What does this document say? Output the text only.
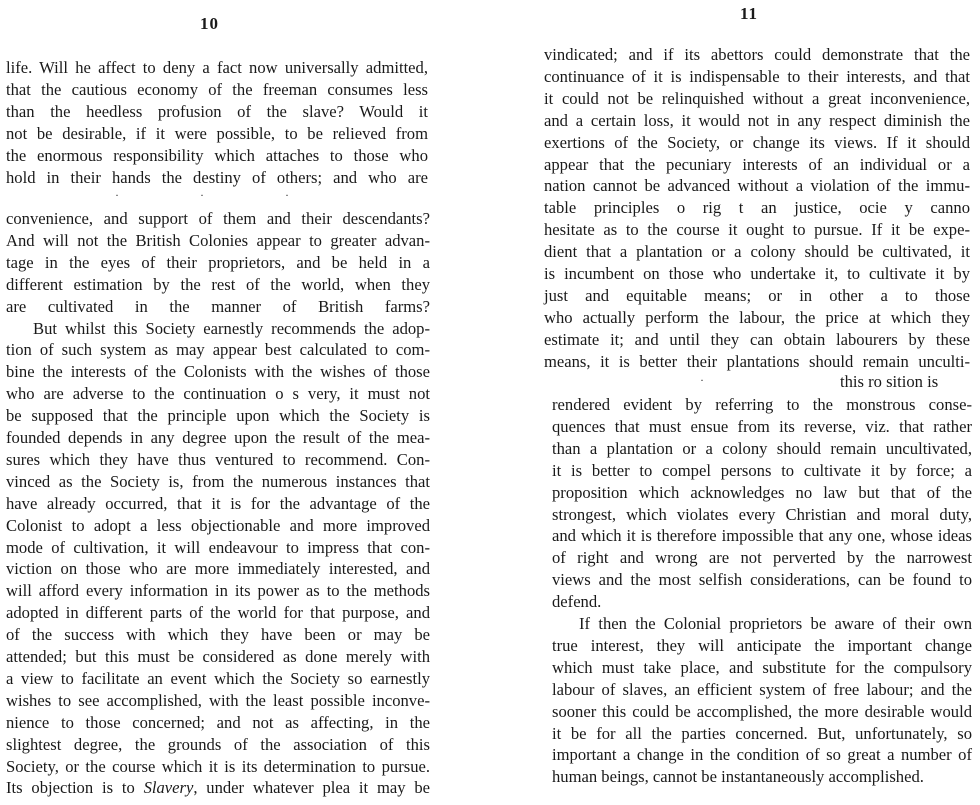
10
life. Will he affect to deny a fact now universally admitted,
that the cautious economy of the freeman consumes less
than the heedless profusion of the slave? Would it
not be desirable, if it were possible, to be relieved from
the enormous responsibility which attaches to those who
hold in their hands the destiny of others; and who are
convenience, and support of them and their descendants?
And will not the British Colonies appear to greater advan-
tage in the eyes of their proprietors, and be held in a
different estimation by the rest of the world, when they
are cultivated in the manner of British farms?
But whilst this Society earnestly recommends the adop-
tion of such system as may appear best calculated to com-
bine the interests of the Colonists with the wishes of those
who are adverse to the continuation o s very, it must not
be supposed that the principle upon which the Society is
founded depends in any degree upon the result of the mea-
sures which they have thus ventured to recommend. Con-
vinced as the Society is, from the numerous instances that
have already occurred, that it is for the advantage of the
Colonist to adopt a less objectionable and more improved
mode of cultivation, it will endeavour to impress that con-
viction on those who are more immediately interested, and
will afford every information in its power as to the methods
adopted in different parts of the world for that purpose, and
of the success with which they have been or may be
attended; but this must be considered as done merely with
a view to facilitate an event which the Society so earnestly
wishes to see accomplished, with the least possible inconve-
nience to those concerned; and not as affecting, in the
slightest degree, the grounds of the association of this
Society, or the course which it is its determination to pursue.
Its objection is to Slavery, under whatever plea it may be
·	·	·
11
vindicated; and if its abettors could demonstrate that the
continuance of it is indispensable to their interests, and that
it could not be relinquished without a great inconvenience,
and a certain loss, it would not in any respect diminish the
exertions of the Society, or change its views. If it should
appear that the pecuniary interests of an individual or a
nation cannot be advanced without a violation of the immu-
table principles o rig t an justice, ocie y canno
hesitate as to the course it ought to pursue. If it be expe-
dient that a plantation or a colony should be cultivated, it
is incumbent on those who undertake it, to cultivate it by
just and equitable means; or in other a to those
who actually perform the labour, the price at which they
estimate it; and until they can obtain labourers by these
means, it is better their plantations should remain unculti-
this ro sition is
rendered evident by referring to the monstrous conse-
quences that must ensue from its reverse, viz. that rather
than a plantation or a colony should remain uncultivated,
it is better to compel persons to cultivate it by force; a
proposition which acknowledges no law but that of the
strongest, which violates every Christian and moral duty,
and which it is therefore impossible that any one, whose ideas
of right and wrong are not perverted by the narrowest
views and the most selfish considerations, can be found to
defend.
If then the Colonial proprietors be aware of their own
true interest, they will anticipate the important change
which must take place, and substitute for the compulsory
labour of slaves, an efficient system of free labour; and the
sooner this could be accomplished, the more desirable would
it be for all the parties concerned. But, unfortunately, so
important a change in the condition of so great a number of
human beings, cannot be instantaneously accomplished.
·
